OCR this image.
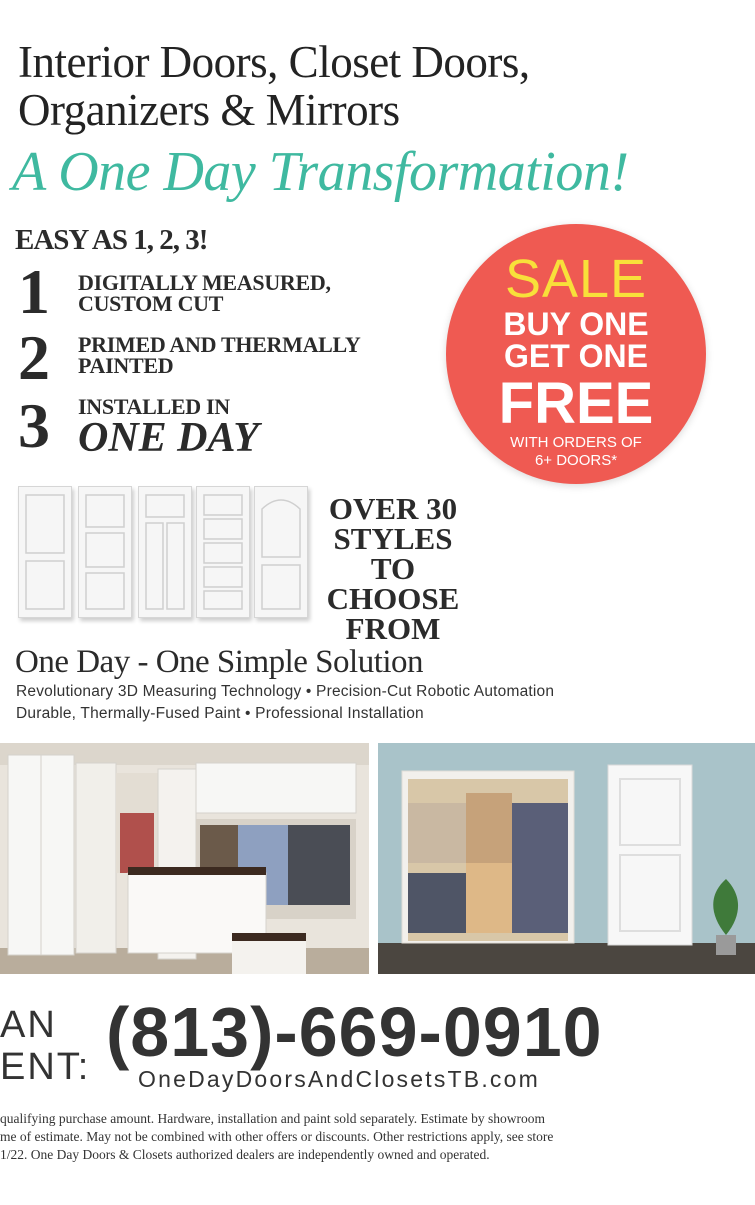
Interior Doors, Closet Doors,
Organizers & Mirrors
A One Day Transformation!
EASY AS 1, 2, 3!
1 DIGITALLY MEASURED,
CUSTOM CUT
2 PRIMED AND THERMALLY
PAINTED
3 INSTALLED IN
ONE DAY
SALE
BUY ONE
GET ONE
FREE
WITH ORDERS OF
6+ DOORS*
OVER 30
STYLES TO
CHOOSE
FROM
One Day - One Simple Solution
Revolutionary 3D Measuring Technology • Precision-Cut Robotic Automation
Durable, Thermally-Fused Paint • Professional Installation
AN
ENT: (813)-669-0910
OneDayDoorsAndClosetsTB.com
qualifying purchase amount. Hardware, installation and paint sold separately. Estimate by showroom
me of estimate. May not be combined with other offers or discounts. Other restrictions apply, see store
1/22. One Day Doors & Closets authorized dealers are independently owned and operated.
